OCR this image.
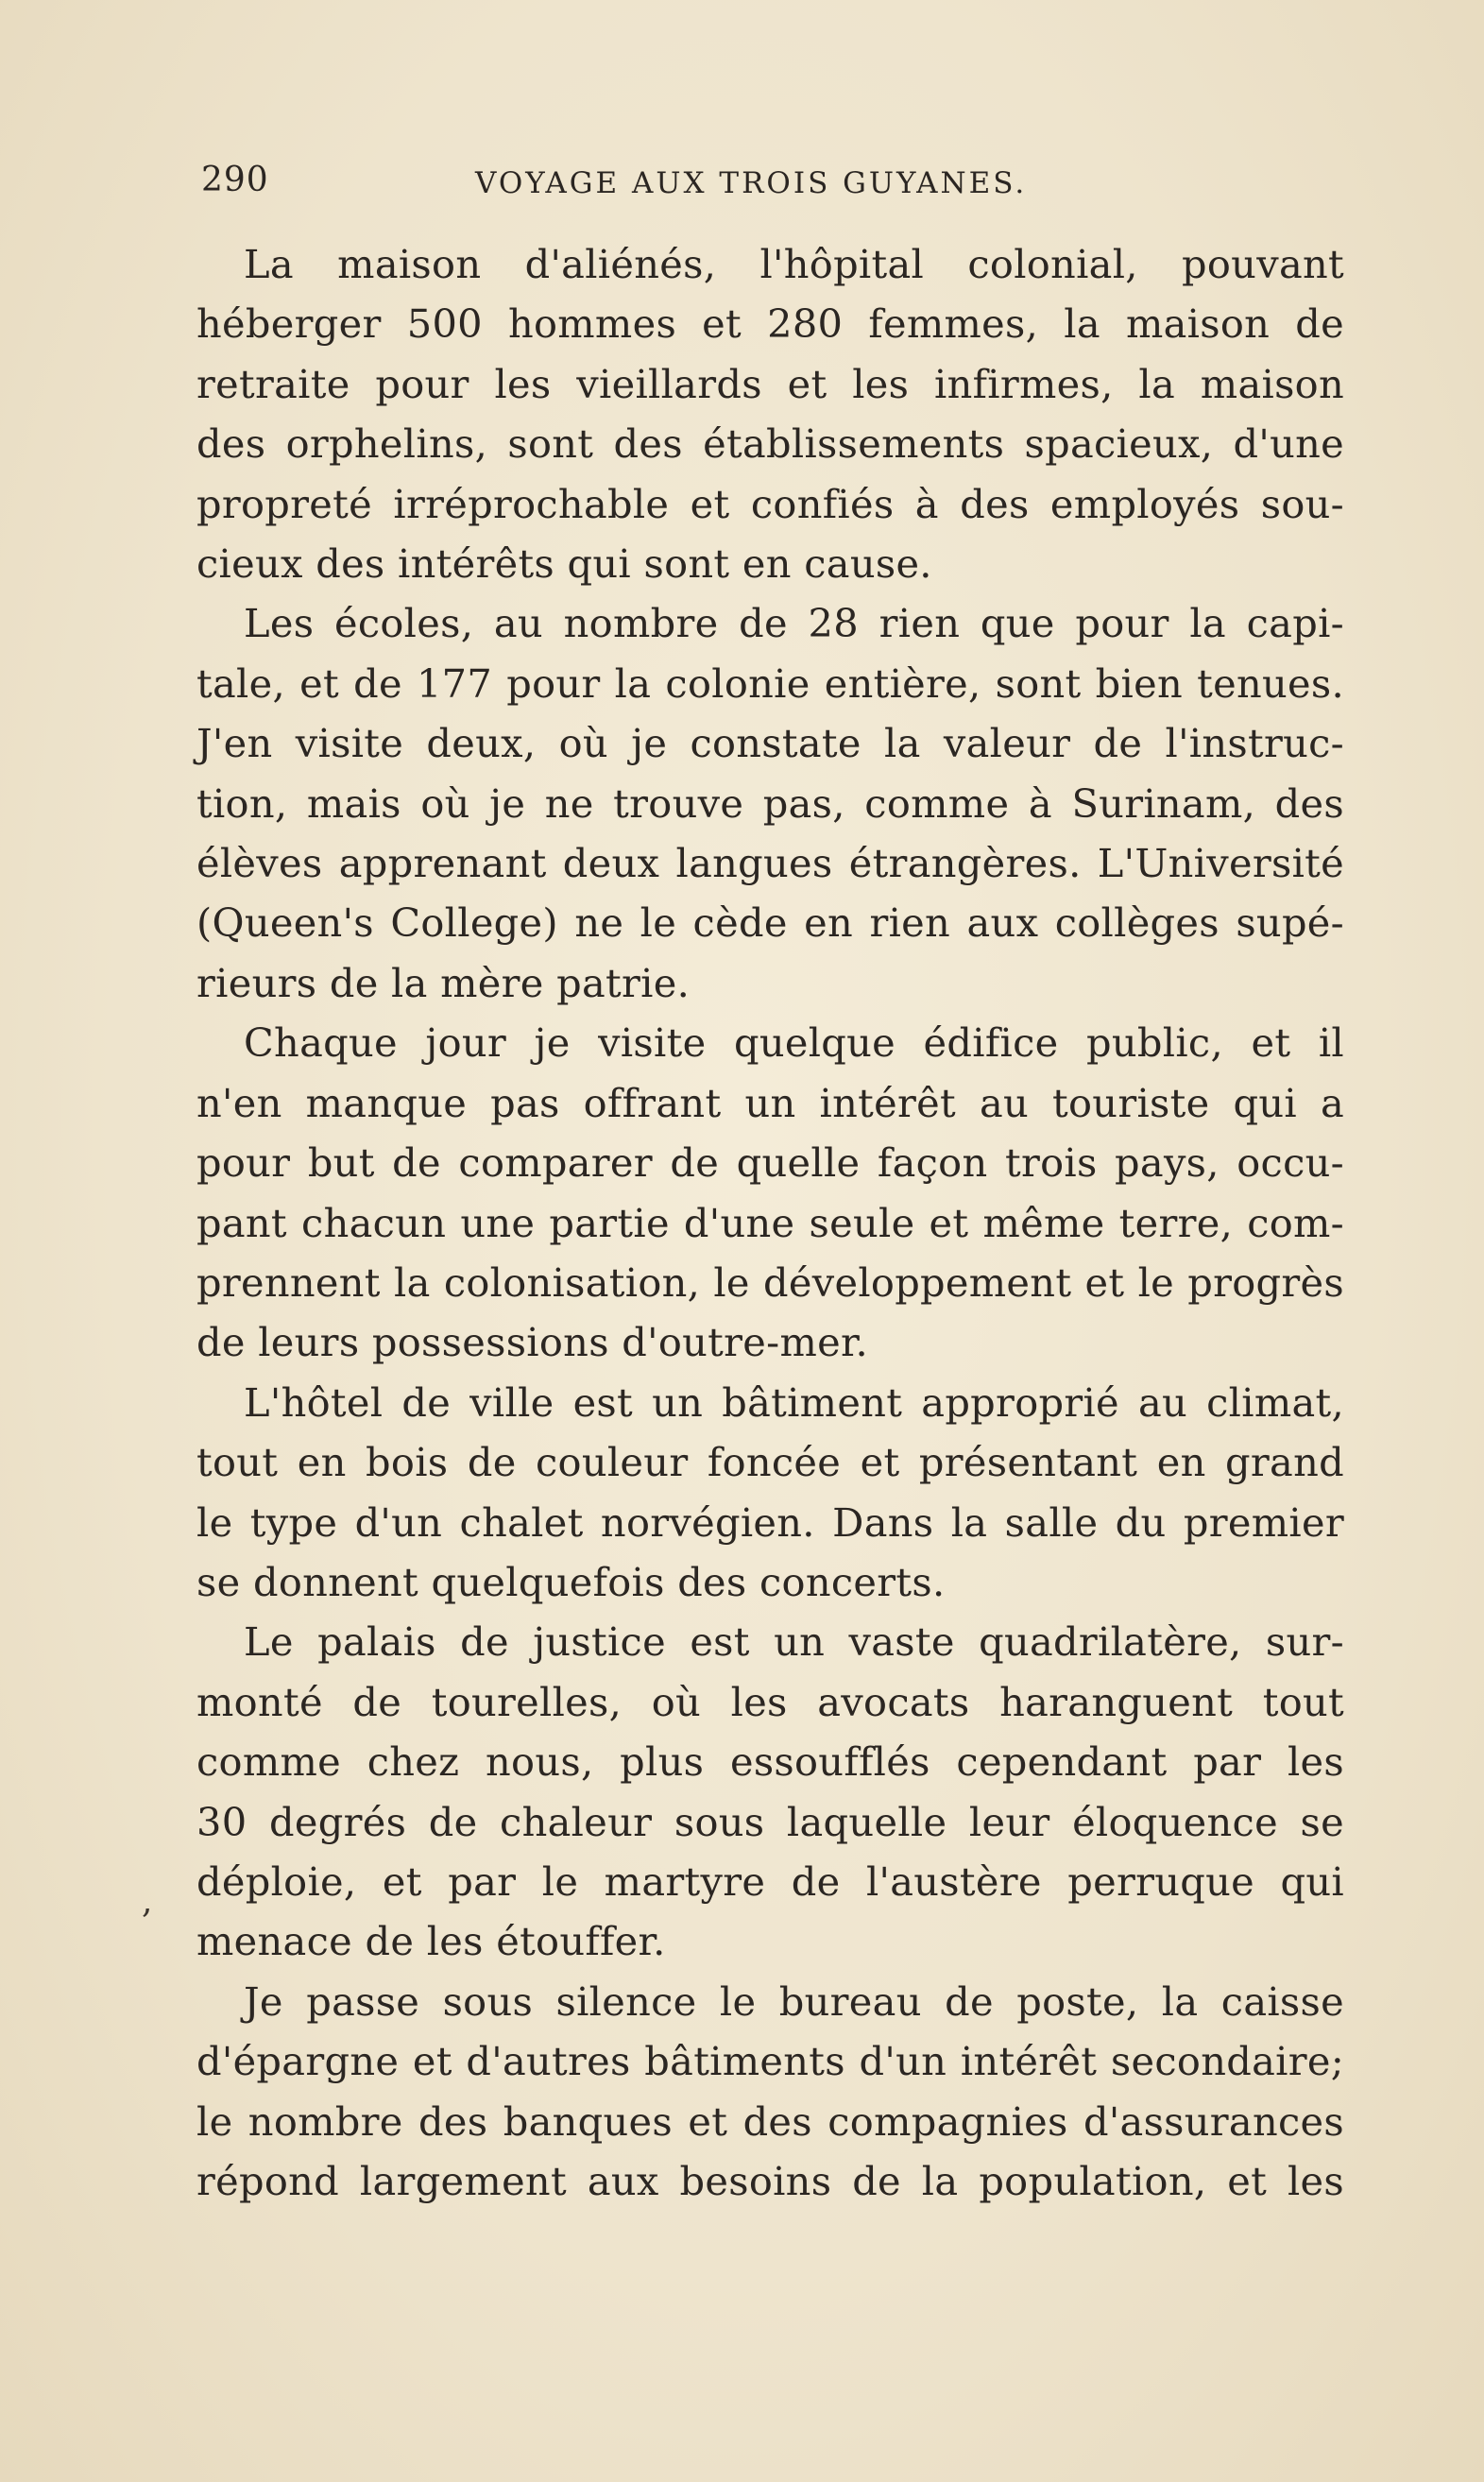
290	VOYAGE AUX TROIS GUYANES.

La maison d'aliénés, l'hôpital colonial, pouvant
héberger 500 hommes et 280 femmes, la maison de
retraite pour les vieillards et les infirmes, la maison
des orphelins, sont des établissements spacieux, d'une
propreté irréprochable et confiés à des employés sou-
cieux des intérêts qui sont en cause.

Les écoles, au nombre de 28 rien que pour la capi-
tale, et de 177 pour la colonie entière, sont bien tenues.
J'en visite deux, où je constate la valeur de l'instruc-
tion, mais où je ne trouve pas, comme à Surinam, des
élèves apprenant deux langues étrangères. L'Université
(Queen's College) ne le cède en rien aux collèges supé-
rieurs de la mère patrie.

Chaque jour je visite quelque édifice public, et il
n'en manque pas offrant un intérêt au touriste qui a
pour but de comparer de quelle façon trois pays, occu-
pant chacun une partie d'une seule et même terre, com-
prennent la colonisation, le développement et le progrès
de leurs possessions d'outre-mer.

L'hôtel de ville est un bâtiment approprié au climat,
tout en bois de couleur foncée et présentant en grand
le type d'un chalet norvégien. Dans la salle du premier
se donnent quelquefois des concerts.

Le palais de justice est un vaste quadrilatère, sur-
monté de tourelles, où les avocats haranguent tout
comme chez nous, plus essoufflés cependant par les
30 degrés de chaleur sous laquelle leur éloquence se
déploie, et par le martyre de l'austère perruque qui
menace de les étouffer.

Je passe sous silence le bureau de poste, la caisse
d'épargne et d'autres bâtiments d'un intérêt secondaire;
le nombre des banques et des compagnies d'assurances
répond largement aux besoins de la population, et les

,
